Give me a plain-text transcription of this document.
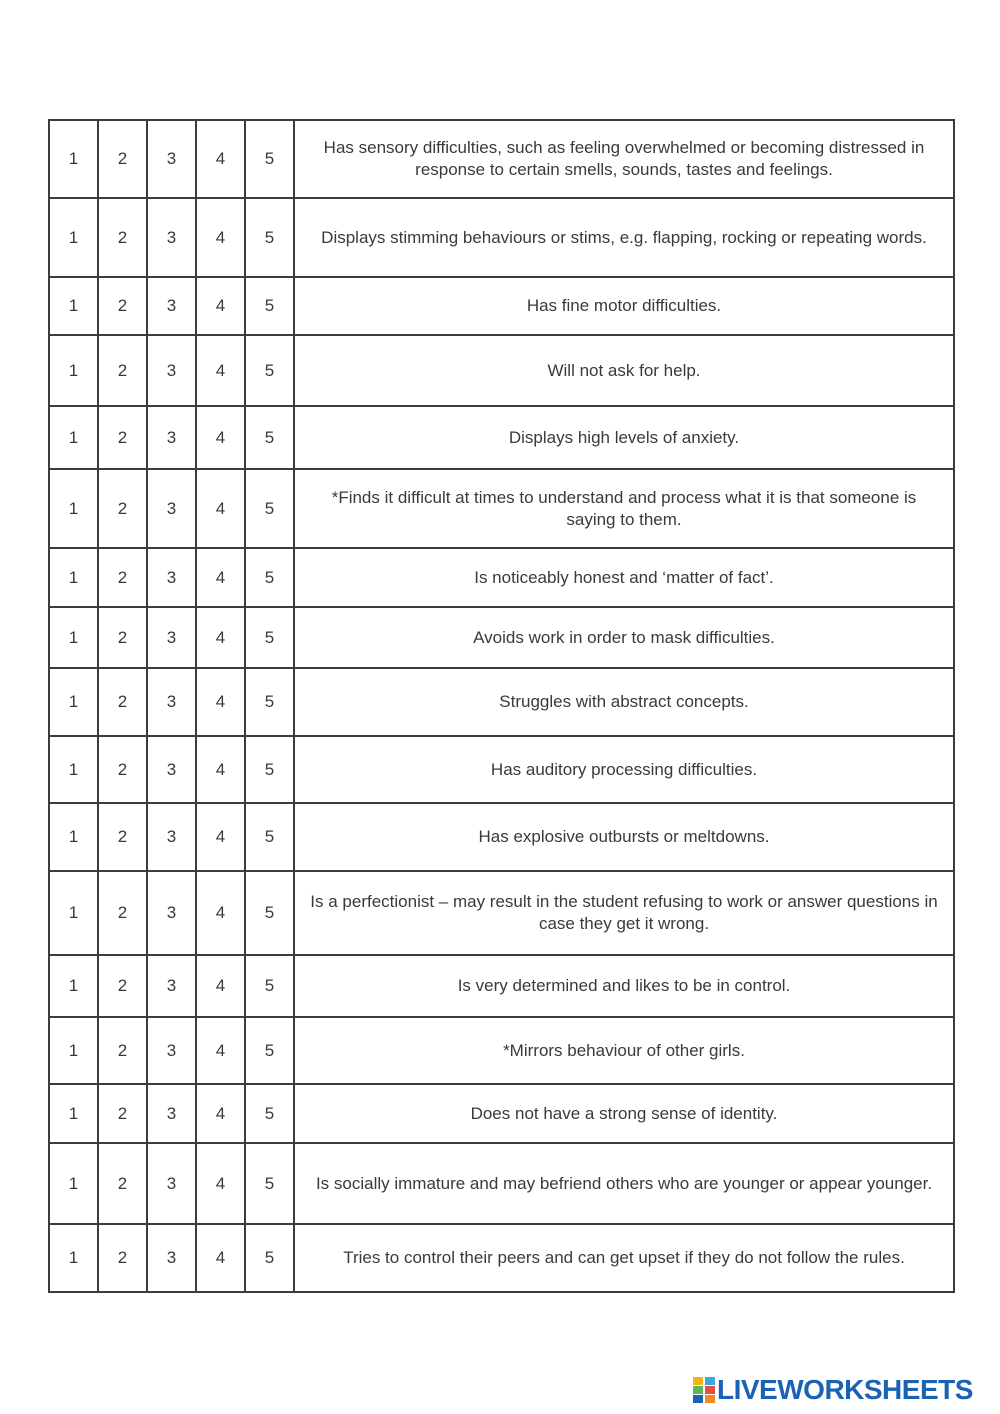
1	2	3	4	5	Has sensory difficulties, such as feeling overwhelmed or becoming distressed in response to certain smells, sounds, tastes and feelings.
1	2	3	4	5	Displays stimming behaviours or stims, e.g. flapping, rocking or repeating words.
1	2	3	4	5	Has fine motor difficulties.
1	2	3	4	5	Will not ask for help.
1	2	3	4	5	Displays high levels of anxiety.
1	2	3	4	5	*Finds it difficult at times to understand and process what it is that someone is saying to them.
1	2	3	4	5	Is noticeably honest and ‘matter of fact’.
1	2	3	4	5	Avoids work in order to mask difficulties.
1	2	3	4	5	Struggles with abstract concepts.
1	2	3	4	5	Has auditory processing difficulties.
1	2	3	4	5	Has explosive outbursts or meltdowns.
1	2	3	4	5	Is a perfectionist – may result in the student refusing to work or answer questions in case they get it wrong.
1	2	3	4	5	Is very determined and likes to be in control.
1	2	3	4	5	*Mirrors behaviour of other girls.
1	2	3	4	5	Does not have a strong sense of identity.
1	2	3	4	5	Is socially immature and may befriend others who are younger or appear younger.
1	2	3	4	5	Tries to control their peers and can get upset if they do not follow the rules.
LIVEWORKSHEETS
